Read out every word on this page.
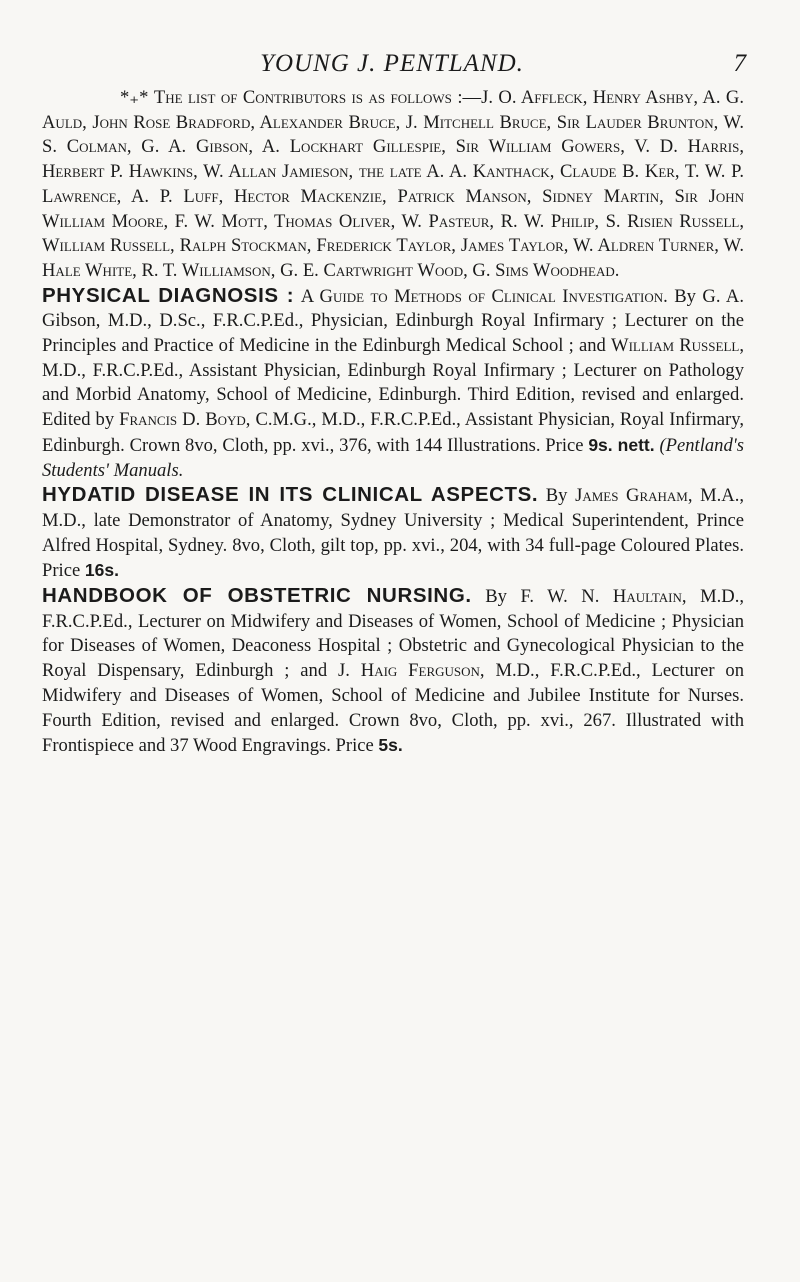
YOUNG J. PENTLAND.	7

*₊* The list of Contributors is as follows :—J. O. Affleck, Henry Ashby, A. G. Auld, John Rose Bradford, Alexander Bruce, J. Mitchell Bruce, Sir Lauder Brunton, W. S. Colman, G. A. Gibson, A. Lockhart Gillespie, Sir William Gowers, V. D. Harris, Herbert P. Hawkins, W. Allan Jamieson, the late A. A. Kanthack, Claude B. Ker, T. W. P. Lawrence, A. P. Luff, Hector Mackenzie, Patrick Manson, Sidney Martin, Sir John William Moore, F. W. Mott, Thomas Oliver, W. Pasteur, R. W. Philip, S. Risien Russell, William Russell, Ralph Stockman, Frederick Taylor, James Taylor, W. Aldren Turner, W. Hale White, R. T. Williamson, G. E. Cartwright Wood, G. Sims Woodhead.

PHYSICAL DIAGNOSIS : A Guide to Methods of Clinical Investigation. By G. A. Gibson, M.D., D.Sc., F.R.C.P.Ed., Physician, Edinburgh Royal Infirmary ; Lecturer on the Principles and Practice of Medicine in the Edinburgh Medical School ; and William Russell, M.D., F.R.C.P.Ed., Assistant Physician, Edinburgh Royal Infirmary ; Lecturer on Pathology and Morbid Anatomy, School of Medicine, Edinburgh. Third Edition, revised and enlarged. Edited by Francis D. Boyd, C.M.G., M.D., F.R.C.P.Ed., Assistant Physician, Royal Infirmary, Edinburgh. Crown 8vo, Cloth, pp. xvi., 376, with 144 Illustrations. Price 9s. nett. (Pentland's Students' Manuals.

HYDATID DISEASE IN ITS CLINICAL ASPECTS. By James Graham, M.A., M.D., late Demonstrator of Anatomy, Sydney University ; Medical Superintendent, Prince Alfred Hospital, Sydney. 8vo, Cloth, gilt top, pp. xvi., 204, with 34 full-page Coloured Plates. Price 16s.

HANDBOOK OF OBSTETRIC NURSING. By F. W. N. Haultain, M.D., F.R.C.P.Ed., Lecturer on Midwifery and Diseases of Women, School of Medicine ; Physician for Diseases of Women, Deaconess Hospital ; Obstetric and Gynecological Physician to the Royal Dispensary, Edinburgh ; and J. Haig Ferguson, M.D., F.R.C.P.Ed., Lecturer on Midwifery and Diseases of Women, School of Medicine and Jubilee Institute for Nurses. Fourth Edition, revised and enlarged. Crown 8vo, Cloth, pp. xvi., 267. Illustrated with Frontispiece and 37 Wood Engravings. Price 5s.
